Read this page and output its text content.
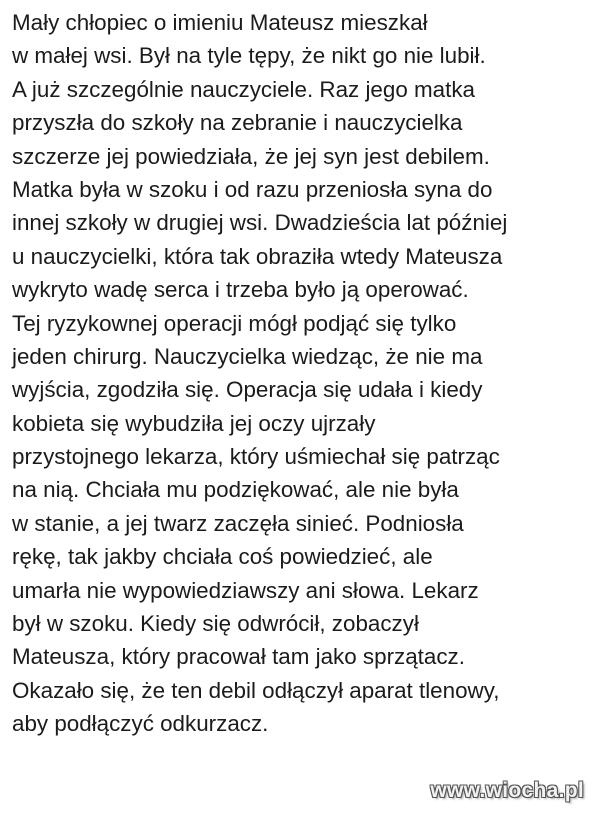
Mały chłopiec o imieniu Mateusz mieszkał
w małej wsi. Był na tyle tępy, że nikt go nie lubił.
A już szczególnie nauczyciele. Raz jego matka
przyszła do szkoły na zebranie i nauczycielka
szczerze jej powiedziała, że jej syn jest debilem.
Matka była w szoku i od razu przeniosła syna do
innej szkoły w drugiej wsi. Dwadzieścia lat później
u nauczycielki, która tak obraziła wtedy Mateusza
wykryto wadę serca i trzeba było ją operować.
Tej ryzykownej operacji mógł podjąć się tylko
jeden chirurg. Nauczycielka wiedząc, że nie ma
wyjścia, zgodziła się. Operacja się udała i kiedy
kobieta się wybudziła jej oczy ujrzały
przystojnego lekarza, który uśmiechał się patrząc
na nią. Chciała mu podziękować, ale nie była
w stanie, a jej twarz zaczęła sinieć. Podniosła
rękę, tak jakby chciała coś powiedzieć, ale
umarła nie wypowiedziawszy ani słowa. Lekarz
był w szoku. Kiedy się odwrócił, zobaczył
Mateusza, który pracował tam jako sprzątacz.
Okazało się, że ten debil odłączył aparat tlenowy,
aby podłączyć odkurzacz.
www.wiocha.pl
